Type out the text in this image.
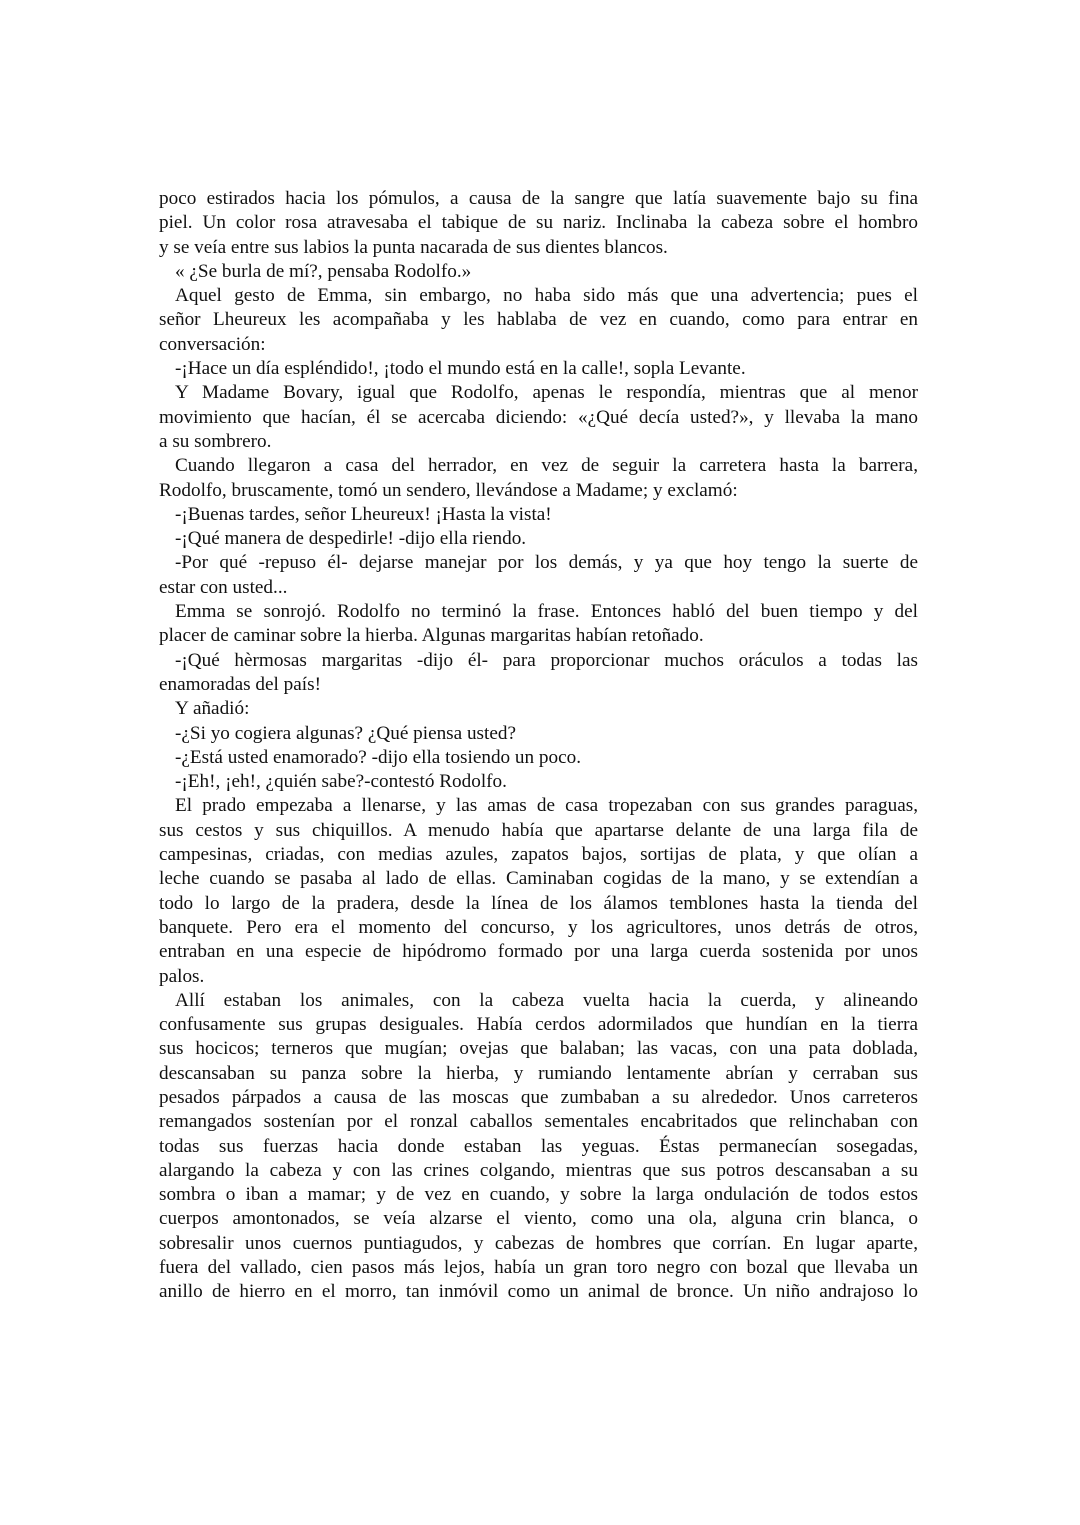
poco estirados hacia los pómulos, a causa de la sangre que latía suavemente bajo su fina
piel. Un color rosa atravesaba el tabique de su nariz. Inclinaba la cabeza sobre el hombro
y se veía entre sus labios la punta nacarada de sus dientes blancos.
« ¿Se burla de mí?, pensaba Rodolfo.»
Aquel gesto de Emma, sin embargo, no haba sido más que una advertencia; pues el
señor Lheureux les acompañaba y les hablaba de vez en cuando, como para entrar en
conversación:
-¡Hace un día espléndido!, ¡todo el mundo está en la calle!, sopla Levante.
Y Madame Bovary, igual que Rodolfo, apenas le respondía, mientras que al menor
movimiento que hacían, él se acercaba diciendo: «¿Qué decía usted?», y llevaba la mano
a su sombrero.
Cuando llegaron a casa del herrador, en vez de seguir la carretera hasta la barrera,
Rodolfo, bruscamente, tomó un sendero, llevándose a Madame; y exclamó:
-¡Buenas tardes, señor Lheureux! ¡Hasta la vista!
-¡Qué manera de despedirle! -dijo ella riendo.
-Por qué -repuso él- dejarse manejar por los demás, y ya que hoy tengo la suerte de
estar con usted...
Emma se sonrojó. Rodolfo no terminó la frase. Entonces habló del buen tiempo y del
placer de caminar sobre la hierba. Algunas margaritas habían retoñado.
-¡Qué hèrmosas margaritas -dijo él- para proporcionar muchos oráculos a todas las
enamoradas del país!
Y añadió:
-¿Si yo cogiera algunas? ¿Qué piensa usted?
-¿Está usted enamorado? -dijo ella tosiendo un poco.
-¡Eh!, ¡eh!, ¿quién sabe?-contestó Rodolfo.
El prado empezaba a llenarse, y las amas de casa tropezaban con sus grandes paraguas,
sus cestos y sus chiquillos. A menudo había que apartarse delante de una larga fila de
campesinas, criadas, con medias azules, zapatos bajos, sortijas de plata, y que olían a
leche cuando se pasaba al lado de ellas. Caminaban cogidas de la mano, y se extendían a
todo lo largo de la pradera, desde la línea de los álamos temblones hasta la tienda del
banquete. Pero era el momento del concurso, y los agricultores, unos detrás de otros,
entraban en una especie de hipódromo formado por una larga cuerda sostenida por unos
palos.
Allí estaban los animales, con la cabeza vuelta hacia la cuerda, y alineando
confusamente sus grupas desiguales. Había cerdos adormilados que hundían en la tierra
sus hocicos; terneros que mugían; ovejas que balaban; las vacas, con una pata doblada,
descansaban su panza sobre la hierba, y rumiando lentamente abrían y cerraban sus
pesados párpados a causa de las moscas que zumbaban a su alrededor. Unos carreteros
remangados sostenían por el ronzal caballos sementales encabritados que relinchaban con
todas sus fuerzas hacia donde estaban las yeguas. Éstas permanecían sosegadas,
alargando la cabeza y con las crines colgando, mientras que sus potros descansaban a su
sombra o iban a mamar; y de vez en cuando, y sobre la larga ondulación de todos estos
cuerpos amontonados, se veía alzarse el viento, como una ola, alguna crin blanca, o
sobresalir unos cuernos puntiagudos, y cabezas de hombres que corrían. En lugar aparte,
fuera del vallado, cien pasos más lejos, había un gran toro negro con bozal que llevaba un
anillo de hierro en el morro, tan inmóvil como un animal de bronce. Un niño andrajoso lo
